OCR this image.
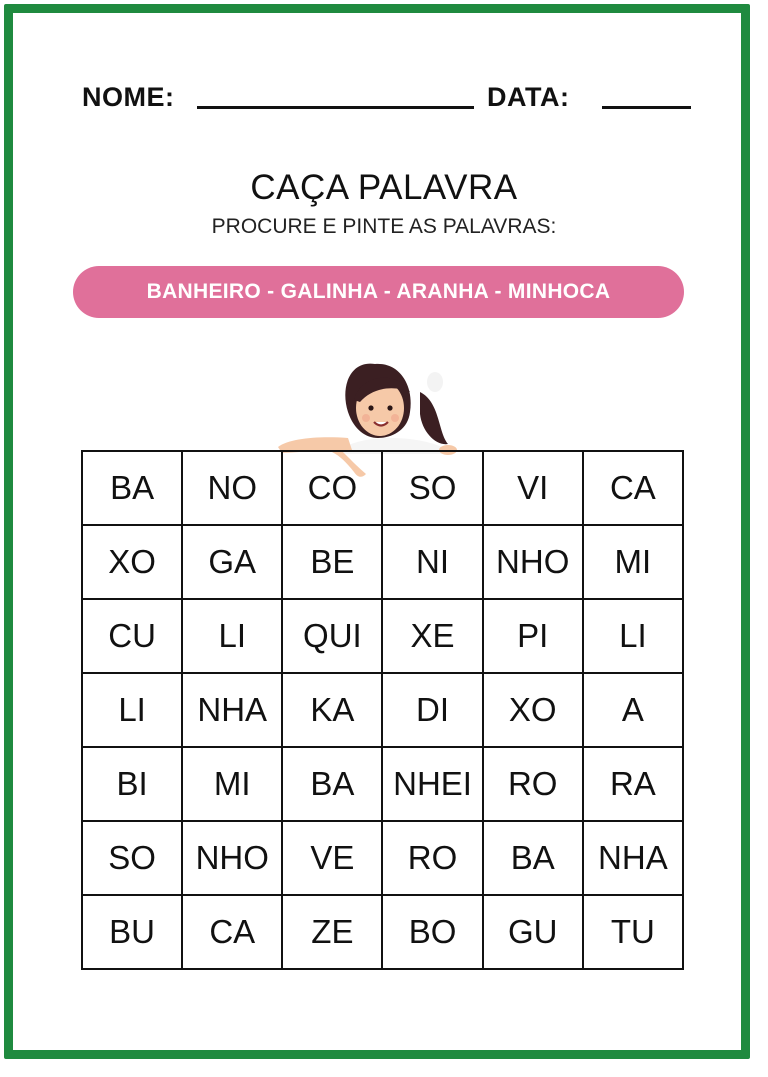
NOME:	DATA:
CAÇA PALAVRA
PROCURE E PINTE AS PALAVRAS:
BANHEIRO - GALINHA - ARANHA - MINHOCA
BA	NO	CO	SO	VI	CA
XO	GA	BE	NI	NHO	MI
CU	LI	QUI	XE	PI	LI
LI	NHA	KA	DI	XO	A
BI	MI	BA	NHEI	RO	RA
SO	NHO	VE	RO	BA	NHA
BU	CA	ZE	BO	GU	TU
